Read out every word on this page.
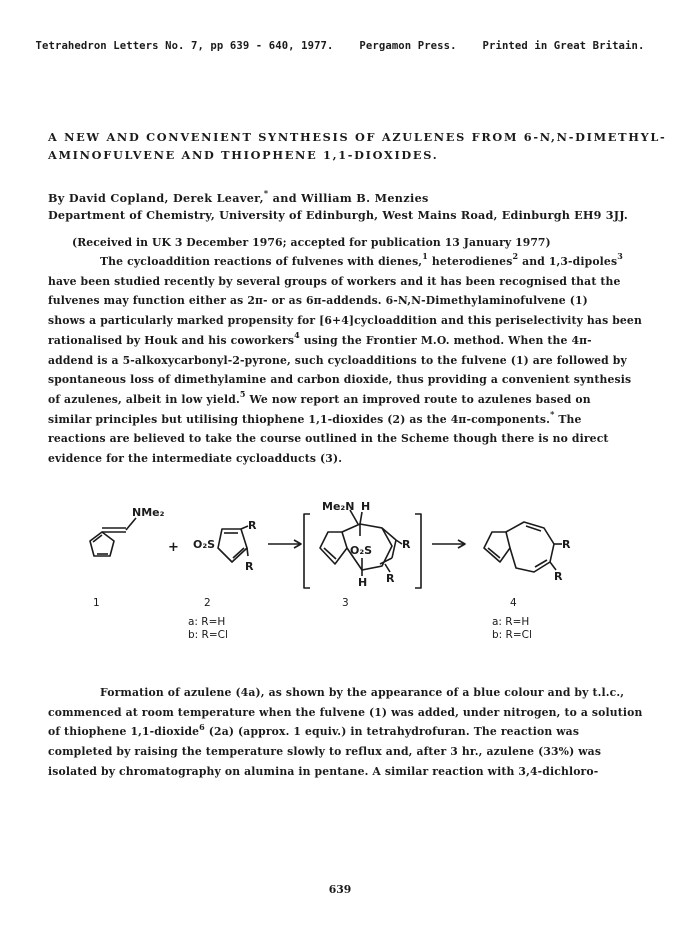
Tetrahedron Letters No. 7, pp 639 - 640, 1977.    Pergamon Press.    Printed in Great Britain.
A NEW AND CONVENIENT SYNTHESIS OF AZULENES FROM 6-N,N-DIMETHYL-
AMINOFULVENE AND THIOPHENE 1,1-DIOXIDES.
By David Copland, Derek Leaver,* and William B. Menzies
Department of Chemistry, University of Edinburgh, West Mains Road, Edinburgh EH9 3JJ.
(Received in UK 3 December 1976; accepted for publication 13 January 1977)
The cycloaddition reactions of fulvenes with dienes,$^1$ heterodienes$^2$ and 1,3-dipoles$^3$
have been studied recently by several groups of workers and it has been recognised that the
fulvenes may function either as 2π- or as 6π-addends. 6-N,N-Dimethylaminofulvene (1)
shows a particularly marked propensity for [6+4]cycloaddition and this periselectivity has been
rationalised by Houk and his coworkers$^4$ using the Frontier M.O. method. When the 4π-
addend is a 5-alkoxycarbonyl-2-pyrone, such cycloadditions to the fulvene (1) are followed by
spontaneous loss of dimethylamine and carbon dioxide, thus providing a convenient synthesis
of azulenes, albeit in low yield.$^5$ We now report an improved route to azulenes based on
similar principles but utilising thiophene 1,1-dioxides (2) as the 4π-components.* The
reactions are believed to take the course outlined in the Scheme though there is no direct
evidence for the intermediate cycloadducts (3).
NMe₂
+ O₂S
R
R
Me₂N H
O₂S	R
R
H
R
R
1	2	3	4
a: R=H
b: R=Cl
a: R=H
b: R=Cl
Formation of azulene (4a), as shown by the appearance of a blue colour and by t.l.c.,
commenced at room temperature when the fulvene (1) was added, under nitrogen, to a solution
of thiophene 1,1-dioxide$^6$ (2a) (approx. 1 equiv.) in tetrahydrofuran. The reaction was
completed by raising the temperature slowly to reflux and, after 3 hr., azulene (33%) was
isolated by chromatography on alumina in pentane. A similar reaction with 3,4-dichloro-
639
